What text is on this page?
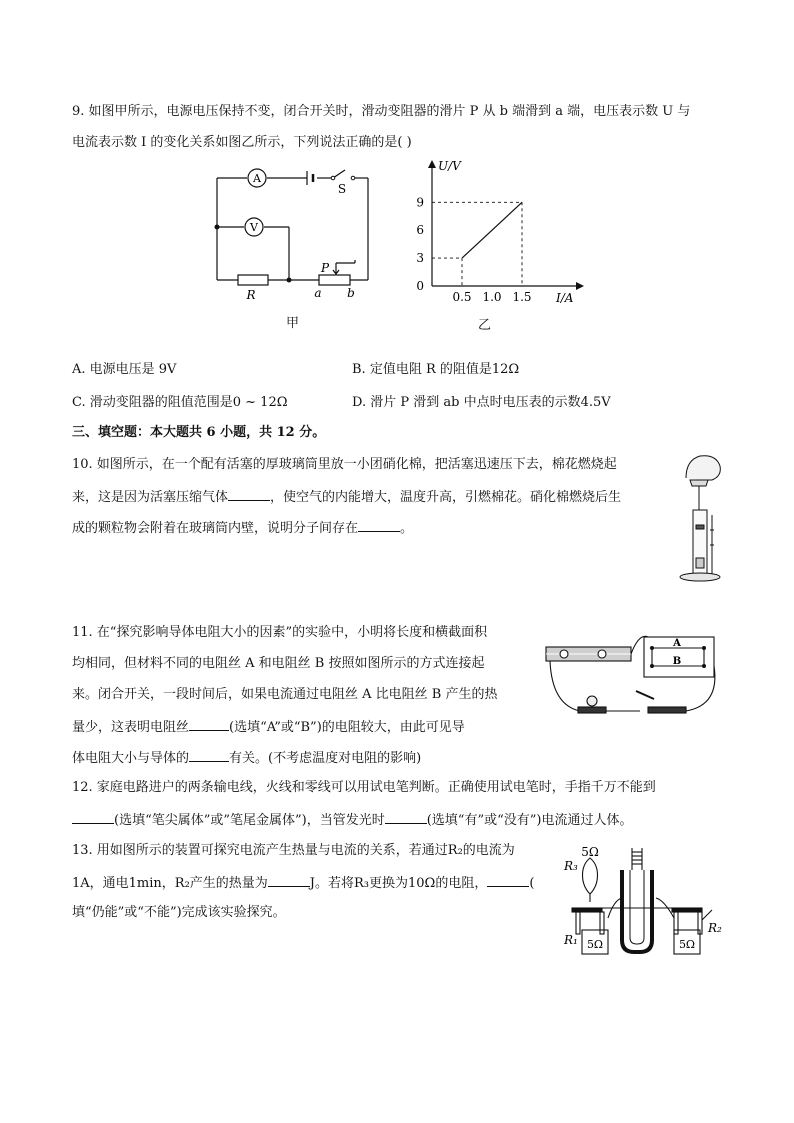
9. 如图甲所示，电源电压保持不变，闭合开关时，滑动变阻器的滑片 P 从 b 端滑到 a 端，电压表示数 U 与
电流表示数 I 的变化关系如图乙所示，下列说法正确的是( )
A
V
S
R
P
a b
甲
U/V
I/A
0.5 1.0 1.5
0
3
6
9
乙
A. 电源电压是 9V	B. 定值电阻 R 的阻值是12Ω
C. 滑动变阻器的阻值范围是0 ~ 12Ω	D. 滑片 P 滑到 ab 中点时电压表的示数4.5V
三、填空题：本大题共 6 小题，共 12 分。
10. 如图所示，在一个配有活塞的厚玻璃筒里放一小团硝化棉，把活塞迅速压下去，棉花燃烧起
来，这是因为活塞压缩气体	，使空气的内能增大，温度升高，引燃棉花。硝化棉燃烧后生
成的颗粒物会附着在玻璃筒内壁，说明分子间存在	。
11. 在“探究影响导体电阻大小的因素”的实验中，小明将长度和横截面积
均相同，但材料不同的电阻丝 A 和电阻丝 B 按照如图所示的方式连接起
来。闭合开关，一段时间后，如果电流通过电阻丝 A 比电阻丝 B 产生的热
量少，这表明电阻丝	(选填“A”或“B”)的电阻较大，由此可见导
体电阻大小与导体的	有关。(不考虑温度对电阻的影响)
A
B
12. 家庭电路进户的两条输电线，火线和零线可以用试电笔判断。正确使用试电笔时，手指千万不能到
(选填“笔尖属体”或”笔尾金属体”)，当管发光时	(选填“有”或“没有”)电流通过人体。
13. 用如图所示的装置可探究电流产生热量与电流的关系，若通过R₂的电流为
1A，通电1min，R₂产生的热量为	J。若将R₃更换为10Ω的电阻，	(
填“仍能”或“不能”)完成该实验探究。
5Ω
R₃
R₁ 5Ω	5Ω
R₂
